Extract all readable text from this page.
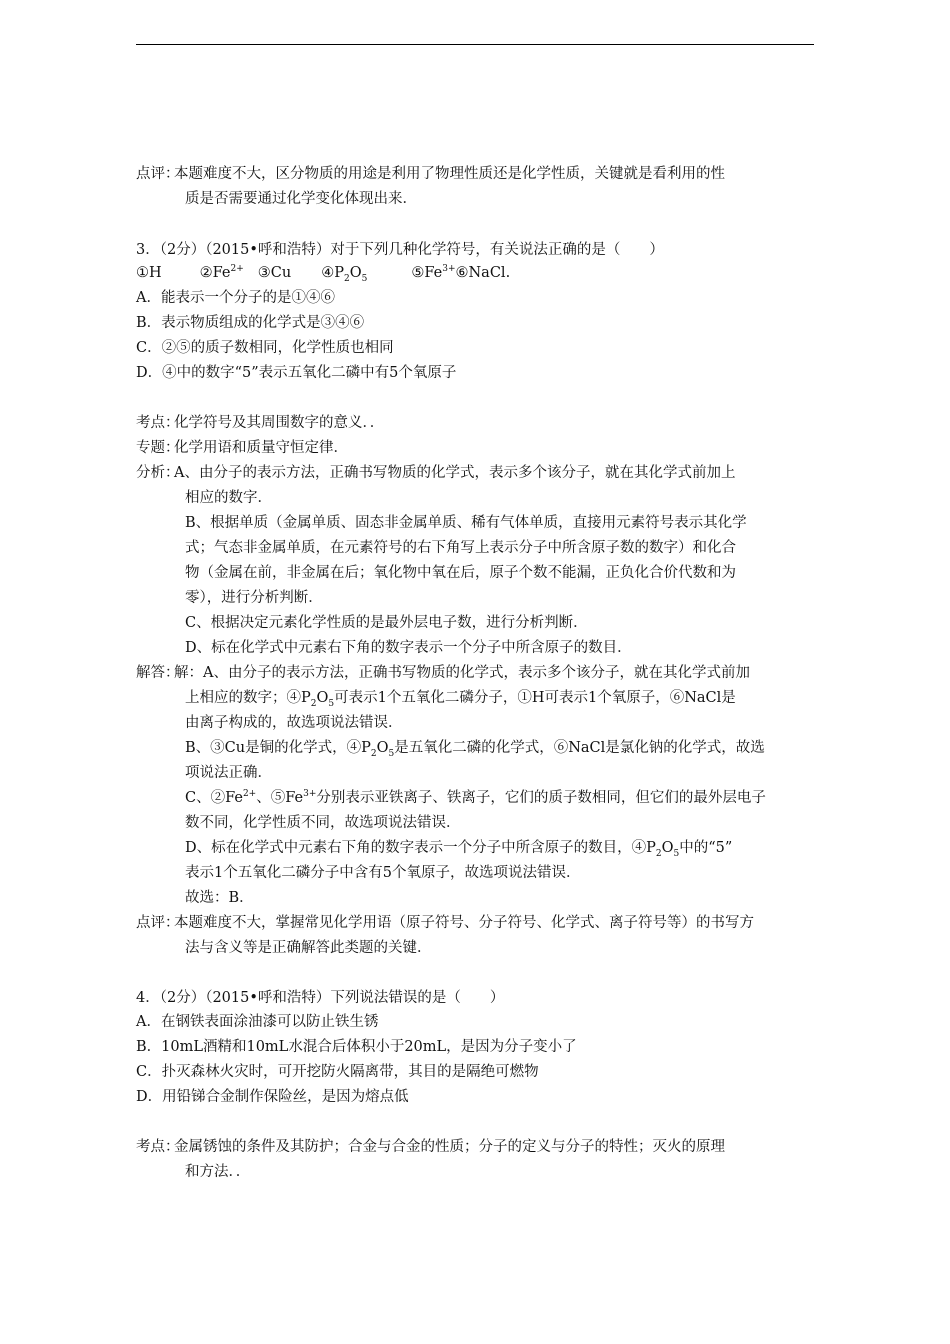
点评：本题难度不大，区分物质的用途是利用了物理性质还是化学性质，关键就是看利用的性
质是否需要通过化学变化体现出来．
3．（2分）（2015•呼和浩特）对于下列几种化学符号，有关说法正确的是（　　）
①H	$②Fe^{2+}$ ③Cu $④P_2O_5$	$⑤Fe^{3+}⑥NaCl$.
A．能表示一个分子的是①④⑥
B．表示物质组成的化学式是③④⑥
C．②⑤的质子数相同，化学性质也相同
D．④中的数字“5”表示五氧化二磷中有5个氧原子
考点：化学符号及其周围数字的意义．．
专题：化学用语和质量守恒定律．
分析：A、由分子的表示方法，正确书写物质的化学式，表示多个该分子，就在其化学式前加上
相应的数字．
B、根据单质（金属单质、固态非金属单质、稀有气体单质，直接用元素符号表示其化学
式；气态非金属单质，在元素符号的右下角写上表示分子中所含原子数的数字）和化合
物（金属在前，非金属在后；氧化物中氧在后，原子个数不能漏，正负化合价代数和为
零），进行分析判断．
C、根据决定元素化学性质的是最外层电子数，进行分析判断．
D、标在化学式中元素右下角的数字表示一个分子中所含原子的数目．
解答：解：A、由分子的表示方法，正确书写物质的化学式，表示多个该分子，就在其化学式前加
上相应的数字；$④P_2O_5$可表示1个五氧化二磷分子，①H可表示1个氧原子，⑥NaCl是
由离子构成的，故选项说法错误．
B、③Cu是铜的化学式，$④P_2O_5$是五氧化二磷的化学式，⑥NaCl是氯化钠的化学式，故选
项说法正确．
C、$②Fe^{2+}$、$⑤Fe^{3+}$分别表示亚铁离子、铁离子，它们的质子数相同，但它们的最外层电子
数不同，化学性质不同，故选项说法错误．
D、标在化学式中元素右下角的数字表示一个分子中所含原子的数目，$④P_2O_5$中的“5”
表示1个五氧化二磷分子中含有5个氧原子，故选项说法错误．
故选：B．
点评：本题难度不大，掌握常见化学用语（原子符号、分子符号、化学式、离子符号等）的书写方
法与含义等是正确解答此类题的关键．
4．（2分）（2015•呼和浩特）下列说法错误的是（　　）
A．在钢铁表面涂油漆可以防止铁生锈
B．10mL酒精和10mL水混合后体积小于20mL，是因为分子变小了
C．扑灭森林火灾时，可开挖防火隔离带，其目的是隔绝可燃物
D．用铅锑合金制作保险丝，是因为熔点低
考点：金属锈蚀的条件及其防护；合金与合金的性质；分子的定义与分子的特性；灭火的原理
和方法．．
